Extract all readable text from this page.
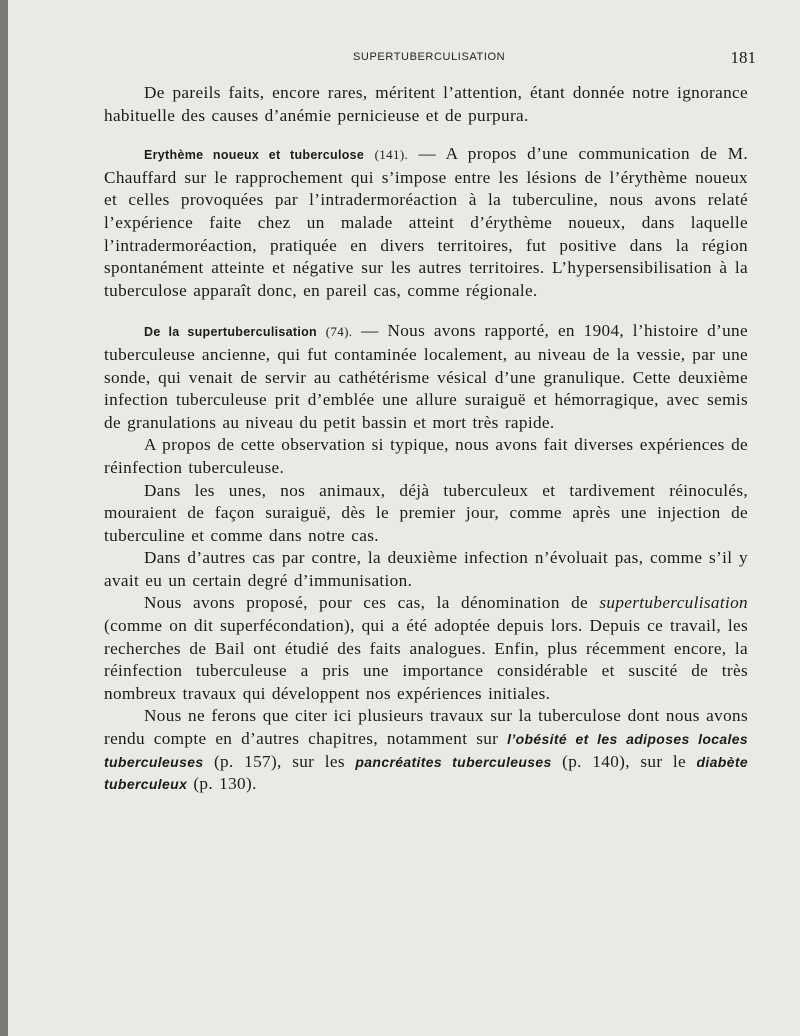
SUPERTUBERCULISATION	181

De pareils faits, encore rares, méritent l’attention, étant donnée notre ignorance habituelle des causes d’anémie pernicieuse et de purpura.

Erythème noueux et tuberculose (141). — A propos d’une communication de M. Chauffard sur le rapprochement qui s’impose entre les lésions de l’érythème noueux et celles provoquées par l’intradermoréaction à la tuberculine, nous avons relaté l’expérience faite chez un malade atteint d’érythème noueux, dans laquelle l’intradermoréaction, pratiquée en divers territoires, fut positive dans la région spontanément atteinte et négative sur les autres territoires. L’hypersensibilisation à la tuberculose apparaît donc, en pareil cas, comme régionale.

De la supertuberculisation (74). — Nous avons rapporté, en 1904, l’histoire d’une tuberculeuse ancienne, qui fut contaminée localement, au niveau de la vessie, par une sonde, qui venait de servir au cathétérisme vésical d’une granulique. Cette deuxième infection tuberculeuse prit d’emblée une allure suraiguë et hémorragique, avec semis de granulations au niveau du petit bassin et mort très rapide.

A propos de cette observation si typique, nous avons fait diverses expériences de réinfection tuberculeuse.

Dans les unes, nos animaux, déjà tuberculeux et tardivement réinoculés, mouraient de façon suraiguë, dès le premier jour, comme après une injection de tuberculine et comme dans notre cas.

Dans d’autres cas par contre, la deuxième infection n’évoluait pas, comme s’il y avait eu un certain degré d’immunisation.

Nous avons proposé, pour ces cas, la dénomination de supertuberculisation (comme on dit superfécondation), qui a été adoptée depuis lors. Depuis ce travail, les recherches de Bail ont étudié des faits analogues. Enfin, plus récemment encore, la réinfection tuberculeuse a pris une importance considérable et suscité de très nombreux travaux qui développent nos expériences initiales.

Nous ne ferons que citer ici plusieurs travaux sur la tuberculose dont nous avons rendu compte en d’autres chapitres, notamment sur l’obésité et les adiposes locales tuberculeuses (p. 157), sur les pancréatites tuberculeuses (p. 140), sur le diabète tuberculeux (p. 130).
